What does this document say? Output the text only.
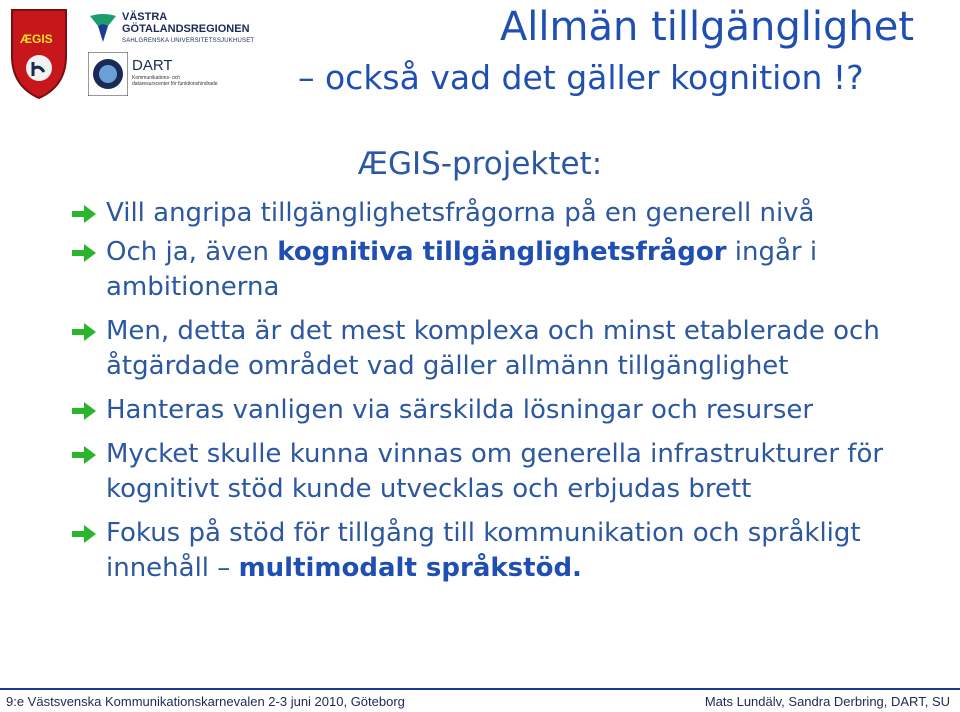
ÆGIS
VÄSTRA
GÖTALANDSREGIONEN
SAHLGRENSKA UNIVERSITETSSJUKHUSET
DART
Kommunikations- och
dataresurscenter för funktionshindrade
Allmän tillgänglighet
– också vad det gäller kognition !?
ÆGIS-projektet:
Vill angripa tillgänglighetsfrågorna på en generell nivå
Och ja, även kognitiva tillgänglighetsfrågor ingår i ambitionerna
Men, detta är det mest komplexa och minst etablerade och åtgärdade området vad gäller allmänn tillgänglighet
Hanteras vanligen via särskilda lösningar och resurser
Mycket skulle kunna vinnas om generella infrastrukturer för kognitivt stöd kunde utvecklas och erbjudas brett
Fokus på stöd för tillgång till kommunikation och språkligt innehåll – multimodalt språkstöd.
9:e Västsvenska Kommunikationskarnevalen 2-3 juni 2010, Göteborg	Mats Lundälv, Sandra Derbring, DART, SU
